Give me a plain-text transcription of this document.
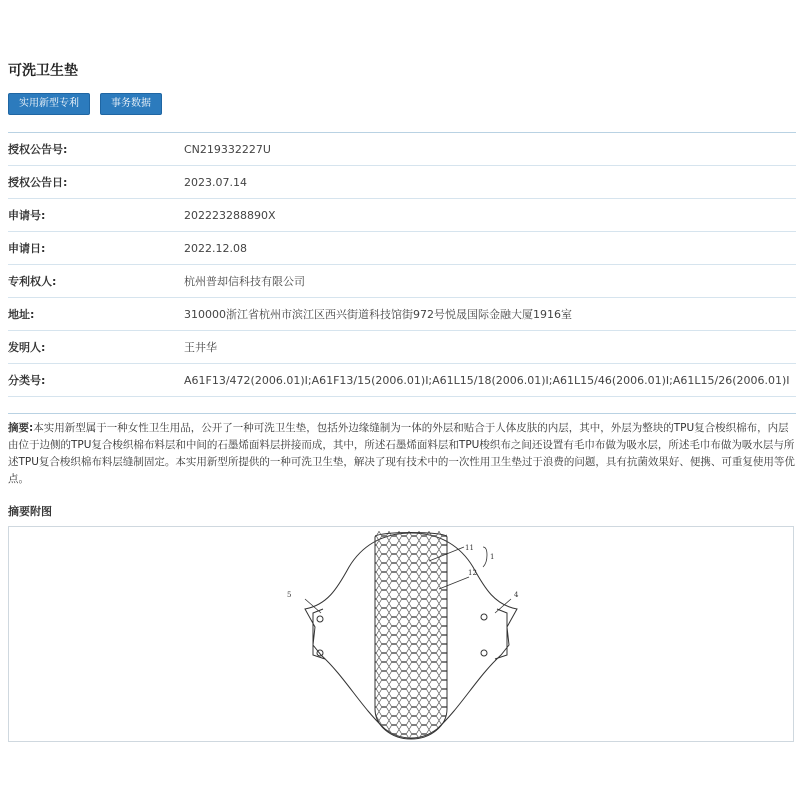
可洗卫生垫
实用新型专利	事务数据
授权公告号:	CN219332227U
授权公告日:	2023.07.14
申请号:	202223288890X
申请日:	2022.12.08
专利权人:	杭州普却信科技有限公司
地址:	310000浙江省杭州市滨江区西兴街道科技馆街972号悦晟国际金融大厦1916室
发明人:	王井华
分类号:	A61F13/472(2006.01)I;A61F13/15(2006.01)I;A61L15/18(2006.01)I;A61L15/46(2006.01)I;A61L15/26(2006.01)I
摘要:本实用新型属于一种女性卫生用品，公开了一种可洗卫生垫，包括外边缘缝制为一体的外层和贴合于人体皮肤的内层，其中，外层为整块的TPU复合梭织棉布，内层由位于边侧的TPU复合梭织棉布料层和中间的石墨烯面料层拼接而成，其中，所述石墨烯面料层和TPU梭织布之间还设置有毛巾布做为吸水层，所述毛巾布做为吸水层与所述TPU复合梭织棉布料层缝制固定。本实用新型所提供的一种可洗卫生垫，解决了现有技术中的一次性用卫生垫过于浪费的问题，具有抗菌效果好、便携、可重复使用等优点。
摘要附图
11
1
12
5	4
